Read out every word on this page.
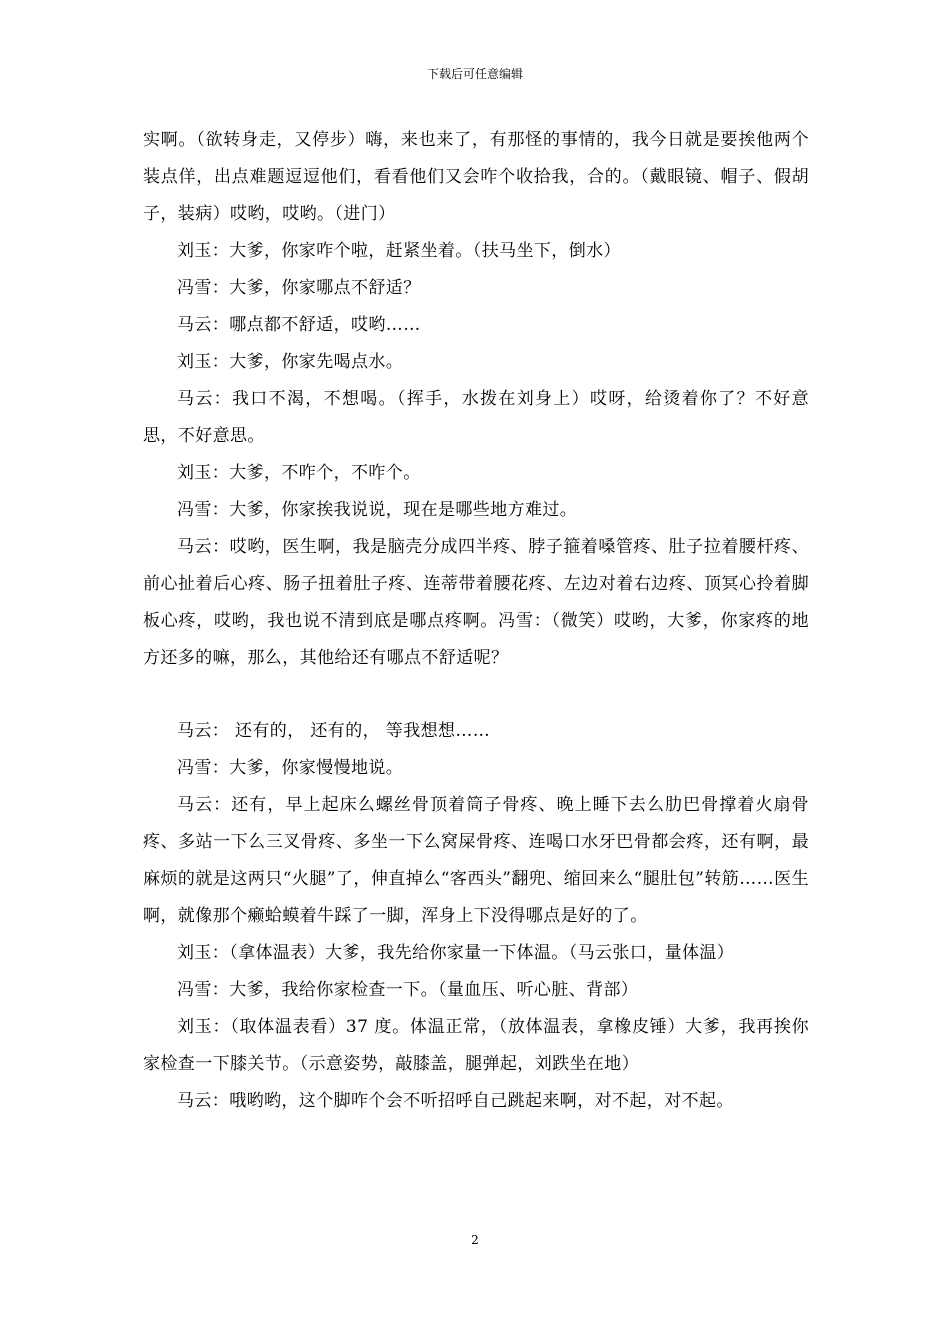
下载后可任意编辑

实啊。（欲转身走，又停步）嗨，来也来了，有那怪的事情的，我今日就是要挨他两个装点佯，出点难题逗逗他们，看看他们又会咋个收拾我，合的。（戴眼镜、帽子、假胡子，装病）哎哟，哎哟。（进门）

刘玉：大爹，你家咋个啦，赶紧坐着。（扶马坐下，倒水）

冯雪：大爹，你家哪点不舒适？

马云：哪点都不舒适，哎哟……

刘玉：大爹，你家先喝点水。

马云：我口不渴，不想喝。（挥手，水拨在刘身上）哎呀，给烫着你了？不好意思，不好意思。

刘玉：大爹，不咋个，不咋个。

冯雪：大爹，你家挨我说说，现在是哪些地方难过。

马云：哎哟，医生啊，我是脑壳分成四半疼、脖子箍着嗓管疼、肚子拉着腰杆疼、前心扯着后心疼、肠子扭着肚子疼、连蒂带着腰花疼、左边对着右边疼、顶冥心拎着脚板心疼，哎哟，我也说不清到底是哪点疼啊。冯雪：（微笑）哎哟，大爹，你家疼的地方还多的嘛，那么，其他给还有哪点不舒适呢？

马云： 还有的， 还有的， 等我想想……

冯雪：大爹，你家慢慢地说。

马云：还有，早上起床么螺丝骨顶着筒子骨疼、晚上睡下去么肋巴骨撑着火扇骨疼、多站一下么三叉骨疼、多坐一下么窝屎骨疼、连喝口水牙巴骨都会疼，还有啊，最麻烦的就是这两只“火腿”了，伸直掉么“客西头”翻兜、缩回来么“腿肚包”转筋……医生啊，就像那个癞蛤蟆着牛踩了一脚，浑身上下没得哪点是好的了。

刘玉：（拿体温表）大爹，我先给你家量一下体温。（马云张口，量体温）

冯雪：大爹，我给你家检查一下。（量血压、听心脏、背部）

刘玉：（取体温表看）37 度。体温正常，（放体温表，拿橡皮锤）大爹，我再挨你家检查一下膝关节。（示意姿势，敲膝盖，腿弹起，刘跌坐在地）

马云：哦哟哟，这个脚咋个会不听招呼自己跳起来啊，对不起，对不起。

2
